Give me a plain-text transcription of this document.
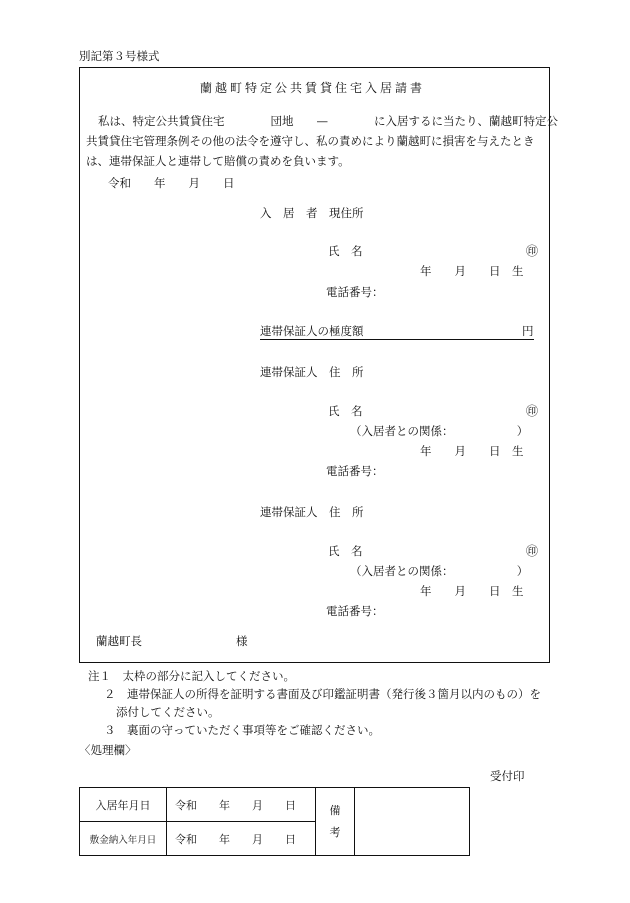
別記第３号様式
蘭越町特定公共賃貸住宅入居請書
私は、特定公共賃貸住宅　　　　団地　　—　　　　に入居するに当たり、蘭越町特定公
共賃貸住宅管理条例その他の法令を遵守し、私の責めにより蘭越町に損害を与えたとき
は、連帯保証人と連帯して賠償の責めを負います。
令和　　年　　月　　日
入　居　者　現住所
氏　名	㊞
年　　月　　日　生
電話番号：
連帯保証人の極度額	円
連帯保証人　住　所
氏　名	㊞
（入居者との関係：　　　　　　）
年　　月　　日　生
電話番号：
連帯保証人　住　所
氏　名	㊞
（入居者との関係：　　　　　　）
年　　月　　日　生
電話番号：
蘭越町長	様
注１　太枠の部分に記入してください。
２　連帯保証人の所得を証明する書面及び印鑑証明書（発行後３箇月以内のもの）を
添付してください。
３　裏面の守っていただく事項等をご確認ください。
〈処理欄〉
受付印
入居年月日	令和　　年　　月　　日	備
考	

敷金納入年月日	令和　　年　　月　　日		
